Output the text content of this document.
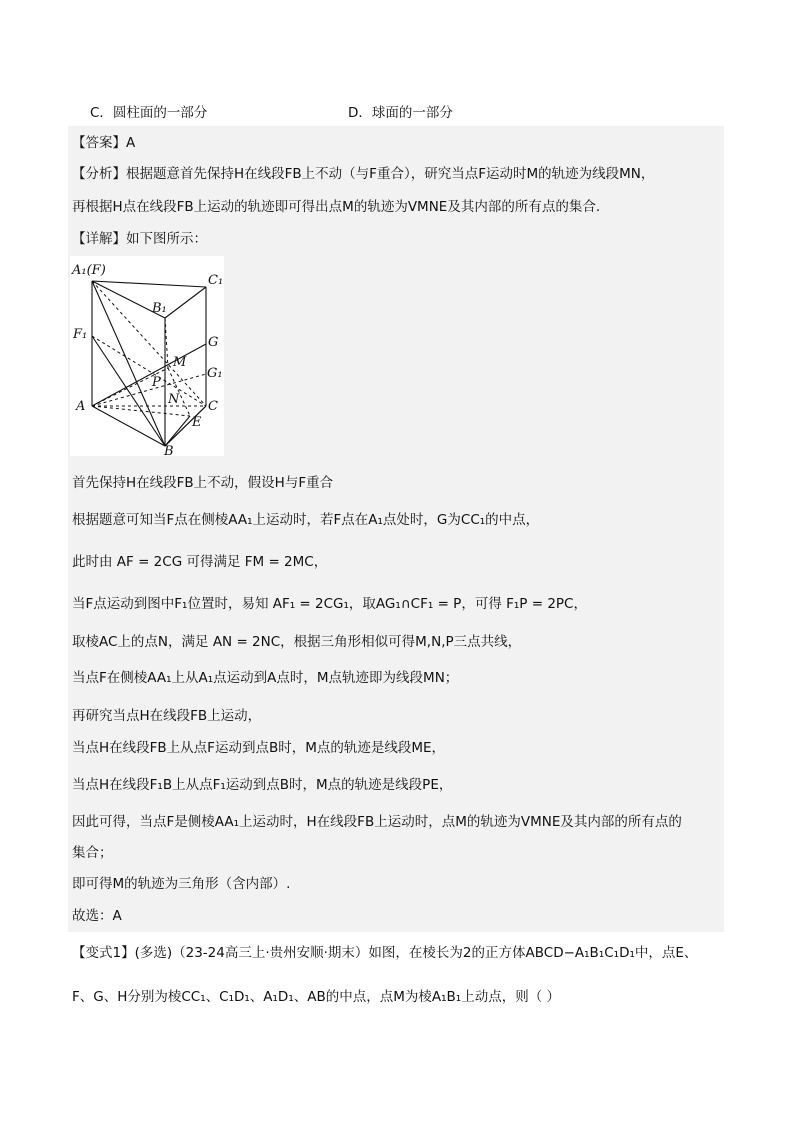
C．圆柱面的一部分	D．球面的一部分
【答案】A
【分析】根据题意首先保持H在线段FB上不动（与F重合），研究当点F运动时M的轨迹为线段MN，
再根据H点在线段FB上运动的轨迹即可得出点M的轨迹为VMNE及其内部的所有点的集合.
【详解】如下图所示：
A₁(F)
C₁
B₁
F₁
G
M
P
G₁
N
A	C
E
B
首先保持H在线段FB上不动，假设H与F重合
根据题意可知当F点在侧棱AA₁上运动时，若F点在A₁点处时，G为CC₁的中点，
此时由 AF = 2CG 可得满足 FM = 2MC，
当F点运动到图中F₁位置时，易知 AF₁ = 2CG₁，取AG₁∩CF₁ = P，可得 F₁P = 2PC，
取棱AC上的点N，满足 AN = 2NC，根据三角形相似可得M,N,P三点共线，
当点F在侧棱AA₁上从A₁点运动到A点时，M点轨迹即为线段MN；
再研究当点H在线段FB上运动，
当点H在线段FB上从点F运动到点B时，M点的轨迹是线段ME，
当点H在线段F₁B上从点F₁运动到点B时，M点的轨迹是线段PE，
因此可得，当点F是侧棱AA₁上运动时，H在线段FB上运动时，点M的轨迹为VMNE及其内部的所有点的
集合；
即可得M的轨迹为三角形（含内部）.
故选：A
【变式1】(多选)（23-24高三上·贵州安顺·期末）如图，在棱长为2的正方体ABCD−A₁B₁C₁D₁中，点E、
F、G、H分别为棱CC₁、C₁D₁、A₁D₁、AB的中点，点M为棱A₁B₁上动点，则（ ）
